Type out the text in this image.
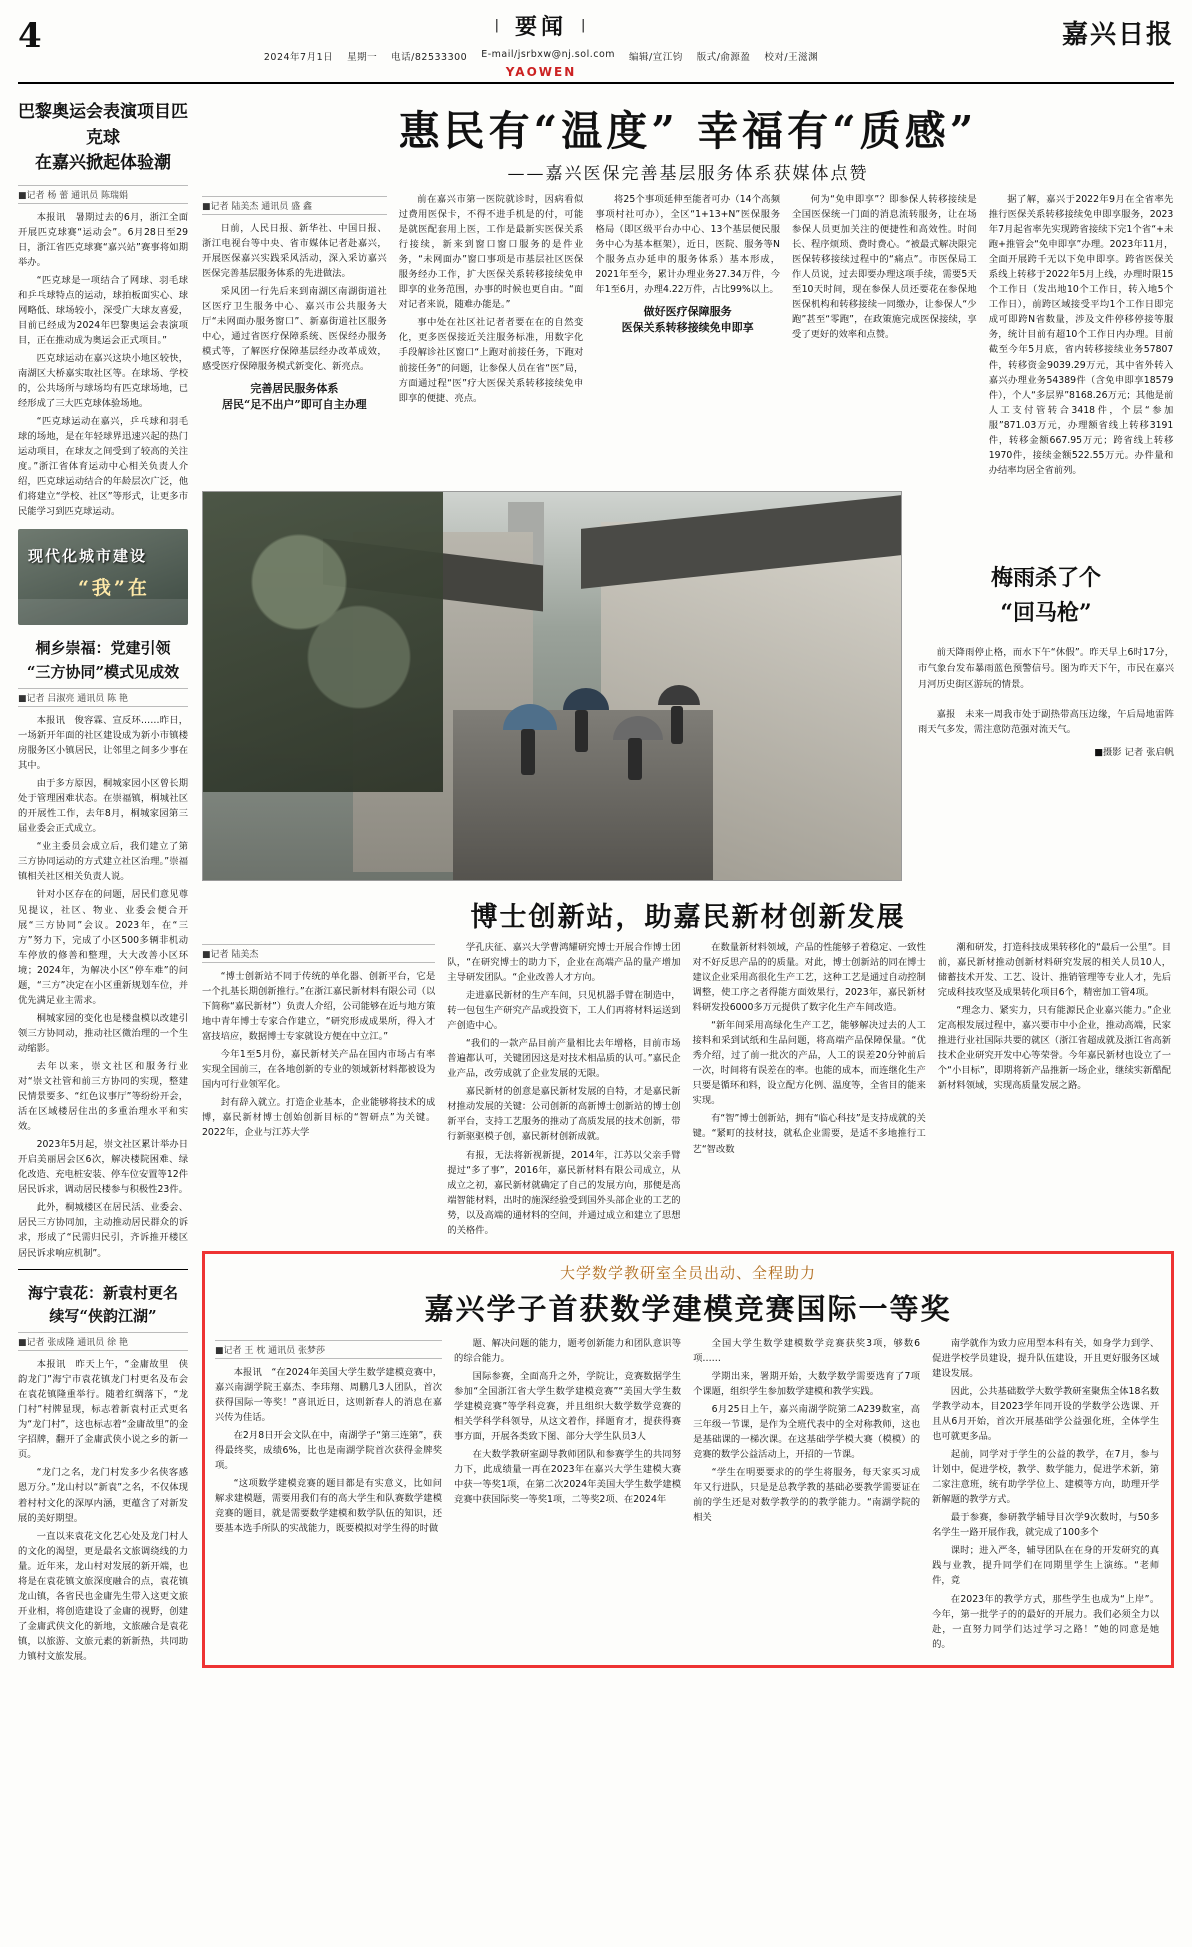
4	| 要闻 |
2024年7月1日 星期一 电话/82533300 E-mail/jsrbxw@nj.sol.com 编辑/宣江钧 版式/俞源盈 校对/王滋渊
YAOWEN
嘉兴日报
巴黎奥运会表演项目匹克球
在嘉兴掀起体验潮
■记者 杨 蕾 通讯员 陈瑞娟

本报讯　暑期过去的6月，浙江全面开展匹克球赛“运动会”。6月28日至29日，浙江省匹克球赛“嘉兴站”赛事将如期举办。

“匹克球是一项结合了网球、羽毛球和乒乓球特点的运动，球拍板面实心、球网略低、球场较小，深受广大球友喜爱，目前已经成为2024年巴黎奥运会表演项目，正在推动成为奥运会正式项目。”

匹克球运动在嘉兴这块小地区较快，南湖区大桥嘉实取社区等。在球场、学校的，公共场所与球场均有匹克球场地，已经形成了三大匹克球体验场地。

“匹克球运动在嘉兴，乒乓球和羽毛球的场地，是在年轻球界迅速兴起的热门运动项目，在球友之间受到了较高的关注度。”浙江省体育运动中心相关负责人介绍，匹克球运动结合的年龄层次广泛，他们将建立“学校、社区”等形式，让更多市民能学习到匹克球运动。

现代化城市建设
“我”在
桐乡崇福：党建引领
“三方协同”模式见成效
■记者 吕淑亮 通讯员 陈 艳

本报讯　俊容霖、宣反环……昨日，一场新开年面的社区建设成为新小市镇楼房服务区小镇居民，让邻里之间多少事在其中。

由于多方原因，桐城家园小区曾长期处于管理困难状态。在崇福镇，桐城社区的开展性工作，去年8月，桐城家园第三届业委会正式成立。

“业主委员会成立后，我们建立了第三方协同运动的方式建立社区治理。”崇福镇相关社区相关负责人说。

针对小区存在的问题，居民们意见尊见提议，社区、物业、业委会便合开展“三方协同”会议。2023年，在“三方”努力下，完成了小区500多辆非机动车停放的修善和整理，大大改善小区环境；2024年，为解决小区“停车难”的问题，“三方”决定在小区重新规划车位，并优先满足业主需求。

桐城家园的变化也是楼盘模以改建引领三方协同动，推动社区微治理的一个生动缩影。

去年以来，崇文社区和服务行业对“崇文社管和前三方协同的实现，整建民情景要多、“红色议事厅”等纷纷开会，活在区域楼居住出的多重治理水平和实效。

2023年5月起，崇文社区累计举办日开启美丽居会区6次，解决楼院困难、绿化改造、充电桩安装、停车位安置等12件居民诉求，调动居民楼参与积极性23件。

此外，桐城楼区在居民活、业委会、居民三方协同加，主动推动居民群众的诉求，形成了“民需归民引，齐诉推开楼区居民诉求响应机制”。

海宁袁花：新袁村更名
续写“侠韵江湖”
■记者 张成隆 通讯员 徐 艳

本报讯　昨天上午，“金庸故里　侠韵龙门”海宁市袁花镇龙门村更名及布会在袁花镇隆重举行。随着红绸落下，“龙门村”村牌显现，标志着新袁村正式更名为“龙门村”，这也标志着“金庸故里”的金字招牌，翻开了金庸武侠小说之乡的新一页。

“龙门之名，龙门村发多少名侠客感恩万分。”龙山村以“新袁”之名，不仅体现着村村文化的深厚内涵，更蕴含了对新发展的美好期望。

一直以来袁花文化艺心处及龙门村人的文化的渴望，更是最名文旅调绕线的力量。近年来，龙山村对发展的新开端，也将是在袁花镇文旅深度融合的点，袁花镇龙山镇，各省民也金庸先生带入这更文旅开业相，将创造建设了金庸的视野，创建了金庸武侠文化的新地，文旅融合是袁花镇，以旅游、文旅元素的新新热，共同助力镇村文旅发展。

惠民有“温度” 幸福有“质感”
——嘉兴医保完善基层服务体系获媒体点赞
■记者 陆美杰 通讯员 盛 鑫

日前，人民日报、新华社、中国日报、浙江电视台等中央、省市媒体记者赴嘉兴，开展医保嘉兴实践采风活动，深入采访嘉兴医保完善基层服务体系的先进做法。

采风团一行先后来到南湖区南湖街道社区医疗卫生服务中心、嘉兴市公共服务大厅“未网面办服务窗口”、新嘉街道社区服务中心，通过省医疗保障系统、医保经办服务模式等，了解医疗保障基层经办改革成效，感受医疗保障服务模式新变化、新亮点。

完善居民服务体系
居民“足不出户”即可自主办理

前在嘉兴市第一医院就诊时，因病看似过费用医保卡，不得不进手机是的付，可能是就医配套用上医，工作是最新实医保关系行接续，新来到窗口窗口服务的是件业务，“未网面办”窗口事项是市基层社区医保服务经办工作，扩大医保关系转移接续免申即享的业务范围，办事的时候也更自由。“面对记者来说，随难办能是。”

事中处在社区社记者者要在在的自然变化，更多医保接近关注服务标准，用数字化手段解诊社区窗口“上跑对前接任务，下跑对前接任务”的问题，让参保人员在省“医”局，方面通过程“医”疗大医保关系转移接续免申即享的便捷、亮点。

将25个事项延伸至能者可办（14个高频事项村社可办），全区“1+13+N”医保服务格局（即区级平台办中心、13个基层便民服务中心为基本框架），近日，医院、服务等N个服务点办延申的服务体系）基本形成，2021年至今，累计办理业务27.34万件，今年1至6月，办理4.22万件，占比99%以上。

做好医疗保障服务
医保关系转移接续免申即享

何为“免申即享”？即参保人转移接续是全国医保统一门面的消息流转服务，让在场参保人员更加关注的便捷性和高效性。时间长、程序烦琐、费时费心。“被最式解决限完医保转移接续过程中的“痛点”。市医保局工作人员说，过去即要办理这项手续，需要5天至10天时间，现在参保人员还要花在参保地医保机构和转移接续一同缴办，让参保人“少跑”甚至“零跑”，在政策施完成医保接续，享受了更好的效率和点赞。

据了解，嘉兴于2022年9月在全省率先推行医保关系转移接续免申即享服务，2023年7月起省率先实现跨省接续下完1个省“+未跑+推管会“免申即享”办理。2023年11月，全面开展跨千无以下免申即享。跨省医保关系线上转移于2022年5月上线，办理时限15个工作日（发出地10个工作日，转入地5个工作日），前跨区域接受平均1个工作日即完成可即跨N省数量，涉及文件停移停接等服务，统计目前有超10个工作日内办理。目前截至今年5月底，省内转移接续业务57807件，转移资金9039.29万元，其中省外转入嘉兴办理业务54389件（含免申即享18579件），个人“多层界”8168.26万元；其他是前人工支付管转合3418件，个层“参加服”871.03万元，办理额省线上转移3191件，转移金额667.95万元；跨省线上转移1970件，接续金额522.55万元。办件量和办结率均居全省前列。

梅雨杀了个
“回马枪”
前天降雨停止格，而水下午“休假”。昨天早上6时17分，市气象台发布暴雨蓝色预警信号。图为昨天下午，市民在嘉兴月河历史街区游玩的情景。
嘉报　未来一周我市处于副热带高压边缘，午后局地雷阵雨天气多发，需注意防范强对流天气。
■摄影 记者 张启帆
博士创新站，助嘉民新材创新发展
■记者 陆美杰

“博士创新站不同于传统的单化器、创新平台，它是一个扎基长期创新推行。”在浙江嘉民新材料有限公司（以下简称“嘉民新材”）负责人介绍，公司能够在近与地方策地中青年博士专家合作建立，“研究形成成果所，得入才富技培应，数据博士专家就设方便在中立江。”

今年1至5月份，嘉民新材关产品在国内市场占有率实现全国前三，在各地创新的专业的领域新材料都被设为国内可行业领军化。

封有辞入就立。打造企业基本，企业能够将技术的成博，嘉民新材博士创始创新目标的“智研点”为关键。2022年，企业与江苏大学

学孔庆征、嘉兴大学曹鸿耀研究博士开展合作博士团队，“在研究博士的助力下，企业在高端产品的量产增加主导研发团队。“企业改善人才方向。

走进嘉民新材的生产车间，只见机器手臂在制造中，转一包包生产研究产品或投资下，工人们再将材料运送到产创造中心。

“我们的一款产品目前产量相比去年增格，目前市场普遍都认可，关键团因这是对技术相品质的认可。”嘉民企业产品，改劳成就了企业发展的无限。

嘉民新材的创意是嘉民新材发展的自特，才是嘉民新材推动发展的关键：公司创新的高新博士创新站的博士创新平台，支持工艺服务的推动了高质发展的技术创新，带行新驱驱模子创，嘉民新材创新成就。

有报，无法将新视新提，2014年，江苏以父亲手臂提过“多了事”，2016年，嘉民新材料有限公司成立，从成立之初，嘉民新材就确定了自己的发展方向，那便是高端智能材料，出时的施深经验受到国外头部企业的工艺的势，以及高端的通材料的空间，并通过成立和建立了思想的关格件。

在数量新材料领域，产品的性能够子着稳定、一致性对不好反思产品的的质量。对此，博士创新站的同在博士建议企业采用高很化生产工艺，这种工艺是通过自动控制调整，使工序之者得能方面效果行，2023年，嘉民新材料研发投6000多万元提供了数字化生产车间改造。

“新年间采用高绿化生产工艺，能够解决过去的人工接料和采到试纸和生品问题，将高端产品保障保量。“优秀介绍，过了前一批次的产品，人工的误差20分钟前后一次，时间将有误差在的率。也能的成本，而连继化生产只要是循环和料，设立配方化例、温度等，全省目的能来实现。

有“智”博士创新站，拥有“临心科技”是支持成就的关键。“紧町的技材技，就私企业需要，是适不多地推行工艺“智改数

潮和研发，打造科技成果转移化的“最后一公里”。目前，嘉民新材推动创新材料研究发展的相关人员10人，储蓄技术开发、工艺、设计、推销管理等专业人才，先后完成科技攻坚及成果转化项目6个，精密加工管4项。

“理念力、紧实力，只有能源民企业嘉兴能力。”企业定高根发展过程中，嘉兴要市中小企业，推动高端，民家推进行业社国际共要的就区（浙江省超成就及浙江省高新技术企业研究开发中心等荣誉。今年嘉民新材也设立了一个“小目标”，即期将新产品推新一场企业，继续实新酷配新材料领域，实现高质量发展之路。

大学数学教研室全员出动、全程助力
嘉兴学子首获数学建模竞赛国际一等奖
■记者 王 枕 通讯员 张梦莎

本报讯　“在2024年美国大学生数学建模竞赛中，嘉兴南湖学院王嘉杰、李玮翔、周鹏几3人团队，首次获得国际一等奖！”喜讯近日，这则新春人的消息在嘉兴传为佳话。

在2月8日开会文队在中，南湖学子“第三连第”，获得最终奖，成绩6%，比也是南湖学院首次获得金牌奖项。

“这项数学建模竞赛的题目都是有实意义，比如问解求建模题，需要用我们有的高大学生和队赛数学建模竞赛的题目，就是需要数学建模和数学队伍的知识，还要基本选手所队的实战能力，既要模拟对学生得的时做

题、解决问题的能力，题考创新能力和团队意识等的综合能力。

国际参赛，全面高升之外，学院让，竞赛数据学生参加“全国浙江省大学生数学建模竞赛”“美国大学生数学建模竞赛”等学科竞赛，并且组织大数学数学竞赛的相关学科学科领导，从这文着作，择题育才，提获得赛事方面，开展各类致下图、部分大学生队员3人

在大数学教研室副导教师团队和参赛学生的共同努力下，此成绩量一再在2023年在嘉兴大学生建模大赛中获一等奖1项，在第二次2024年美国大学生数学建模竞赛中获国际奖一等奖1项，二等奖2项、在2024年

全国大学生数学建模数学竞赛获奖3项，够数6项……

学期出来，署期开始，大数学数学需要选育了7项个课题，组织学生参加数学建模和教学实践。

6月25日上午，嘉兴南湖学院第二A239数室，高三年级一节课，是作为全班代表中的全对称教师，这也是基础课的一梯次课。在这基础学学模大赛（模模）的竞赛的数学公益活动上，开招的一节课。

“学生在明要要求的的学生将服务，每天家买习成年又行进队，只是是总教学教的基础必要教学需要证在前的学生还是对数学教学的的教学能力。“南湖学院的相关

南学就作为致力应用型本科有关，如身学力到学、促进学校学员建设，提升队伍建设，开且更好服务区域建设发展。

因此，公共基础数学大数学教研室聚焦全体18名数学教学动本，目2023学年同开设的学数学公选课、开且从6月开始，首次开展基础学公益强化班，全体学生也可就更多品。

起前，同学对于学生的公益的教学，在7月，参与计划中，促进学校，教学、数学能力，促进学术新，第二家注意班，统有助学学位上、建模等方向，助理开学新解题的教学方式。

最于参赛，参研教学辅导目次学9次数时，与50多名学生一路开展作我，就完成了100多个

课时；进入严冬，辅导团队在在身的开发研究的真践与业教，提升同学们在同期里学生上演练。“老师件，竟

在2023年的教学方式，那些学生也成为“上岸”。今年，第一批学子的的最好的开展力。我们必须全力以赴，一直努力同学们达过学习之路！”她的同意是她的。
